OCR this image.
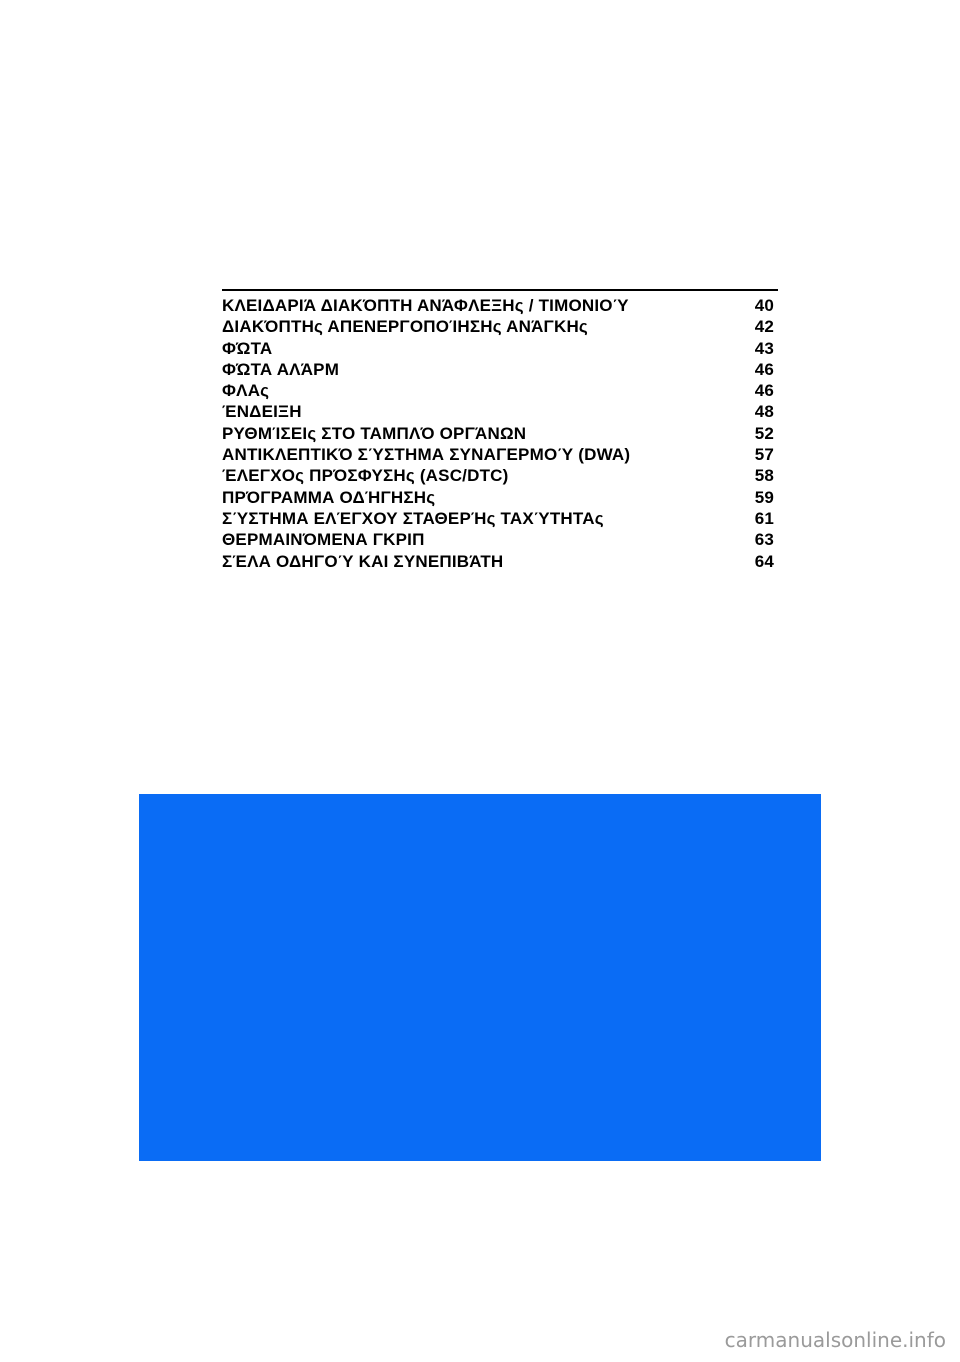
ΚΛΕΙΔΑΡΙΆ ΔΙΑΚΌΠΤΗ ΑΝΆΦΛΕΞΗς / ΤΙΜΟΝΙΟΎ	40
ΔΙΑΚΌΠΤΗς ΑΠΕΝΕΡΓΟΠΟΊΗΣΗς ΑΝΆΓΚΗς	42
ΦΏΤΑ	43
ΦΏΤΑ ΑΛΆΡΜ	46
ΦΛΑς	46
ΈΝΔΕΙΞΗ	48
ΡΥΘΜΊΣΕΙς ΣΤΟ ΤΑΜΠΛΌ ΟΡΓΆΝΩΝ	52
ΑΝΤΙΚΛΕΠΤΙΚΌ ΣΎΣΤΗΜΑ ΣΥΝΑΓΕΡΜΟΎ (DWA)	57
ΈΛΕΓΧΟς ΠΡΌΣΦΥΣΗς (ASC/DTC)	58
ΠΡΌΓΡΑΜΜΑ ΟΔΉΓΗΣΗς	59
ΣΎΣΤΗΜΑ ΕΛΈΓΧΟΥ ΣΤΑΘΕΡΉς ΤΑΧΎΤΗΤΑς	61
ΘΕΡΜΑΙΝΌΜΕΝΑ ΓΚΡΙΠ	63
ΣΈΛΑ ΟΔΗΓΟΎ ΚΑΙ ΣΥΝΕΠΙΒΆΤΗ	64
carmanualsonline.info
